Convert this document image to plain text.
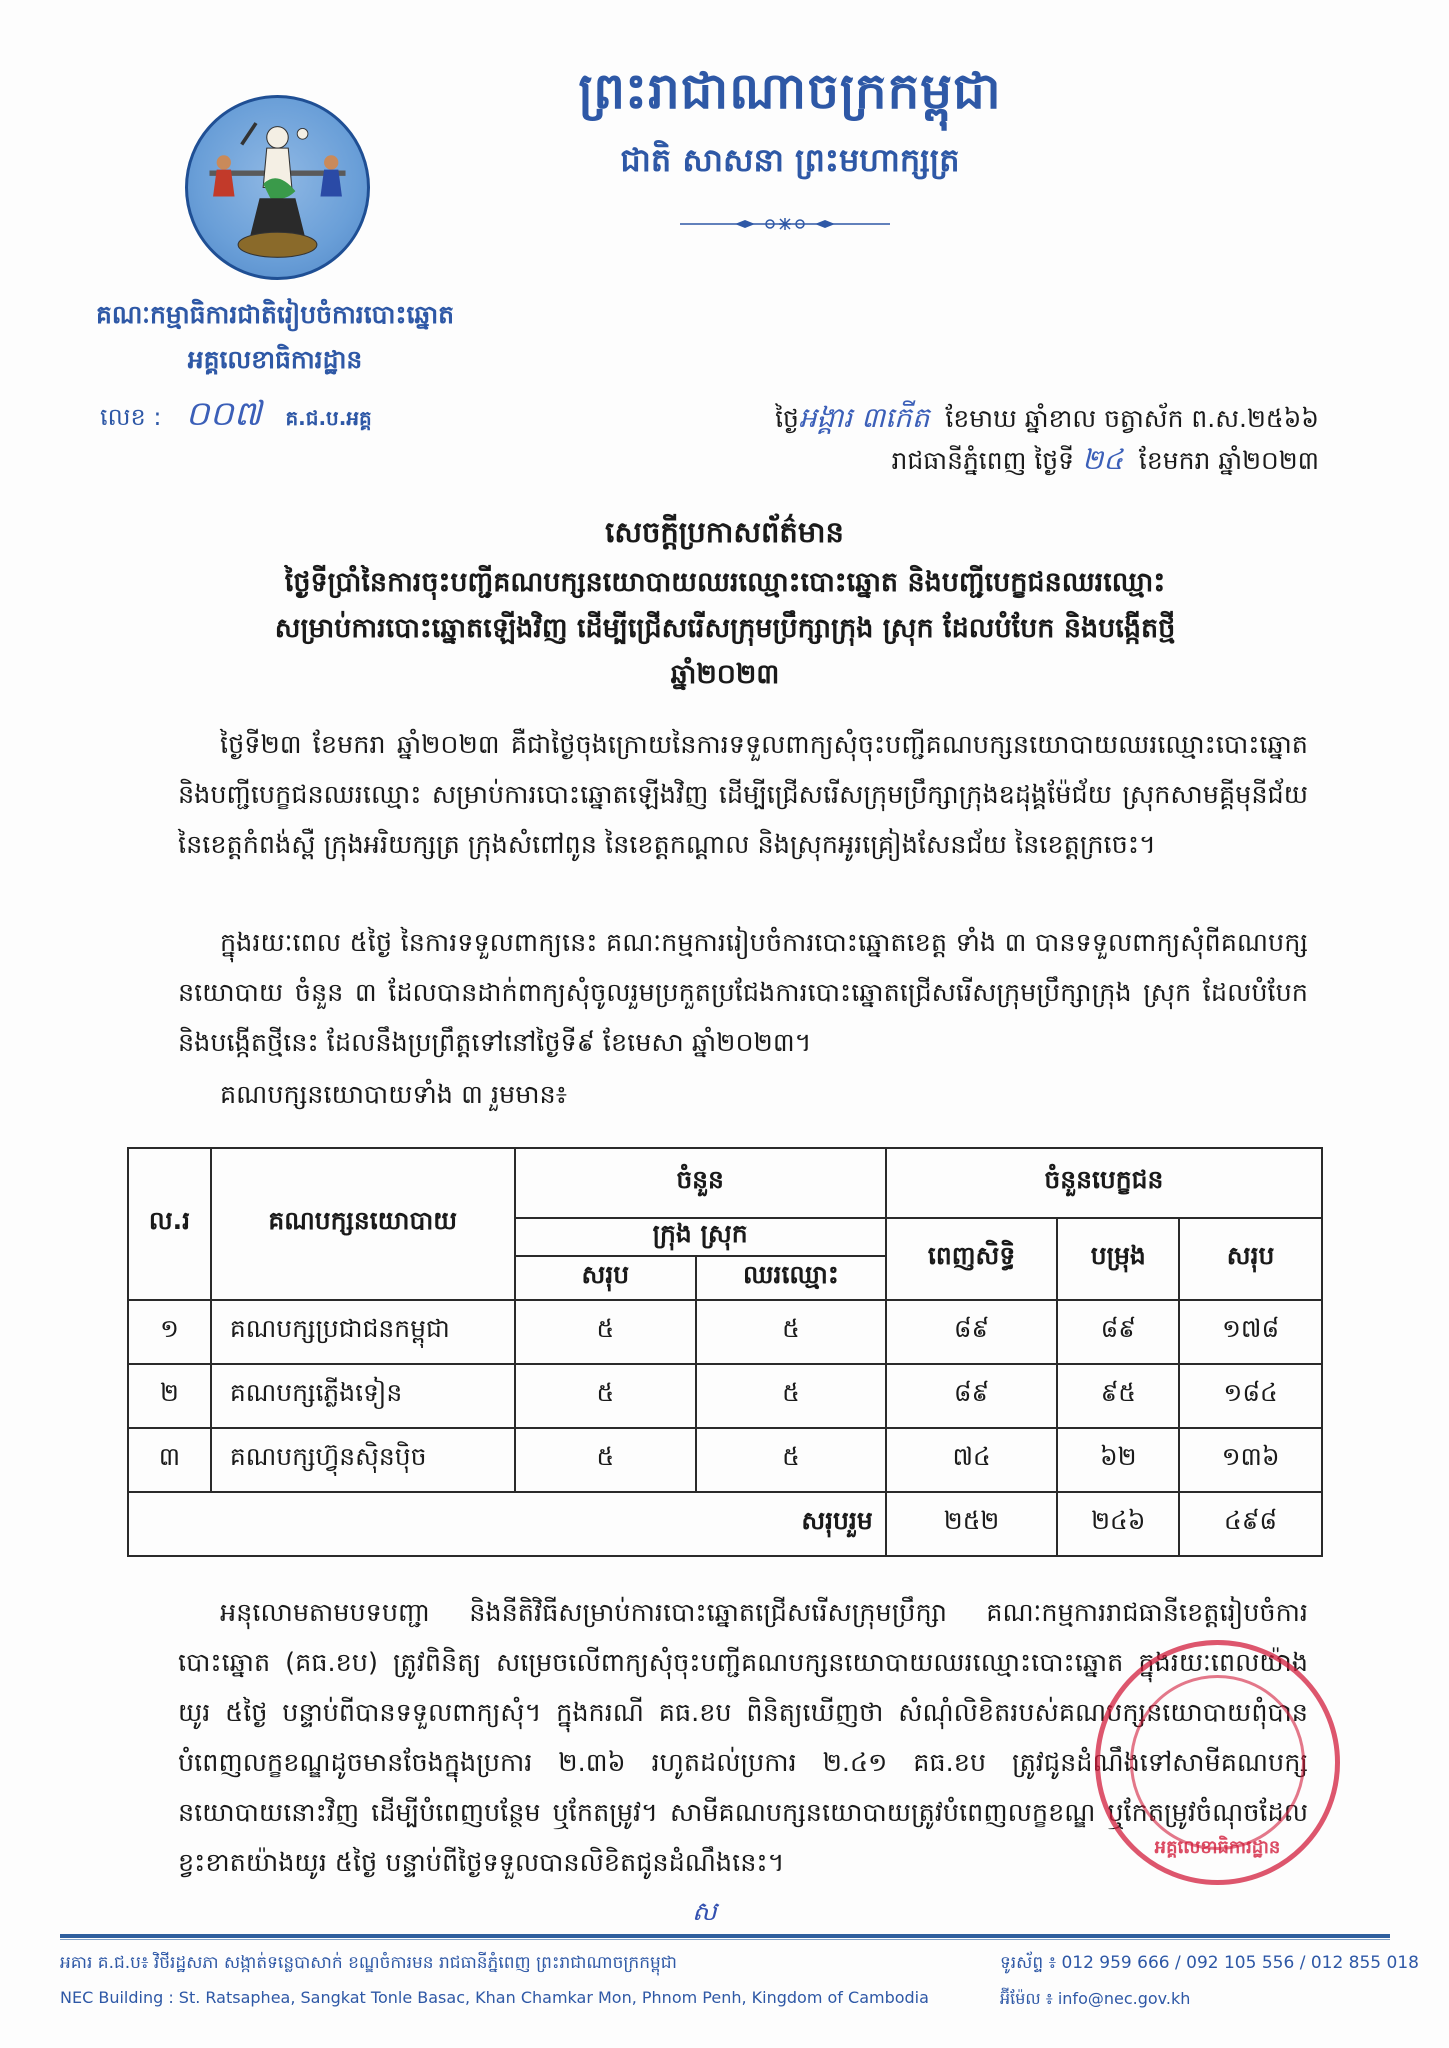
ព្រះរាជាណាចក្រកម្ពុជា
ជាតិ សាសនា ព្រះមហាក្សត្រ
គណៈកម្មាធិការជាតិរៀបចំការបោះឆ្នោត
អគ្គលេខាធិការដ្ឋាន
លេខ : ០០៧ គ.ជ.ប.អគ្គ	ថ្ងៃអង្គារ ៣កើត ខែមាឃ ឆ្នាំខាល ចត្វាស័ក ព.ស.២៥៦៦
រាជធានីភ្នំពេញ ថ្ងៃទី ២៤ ខែមករា ឆ្នាំ២០២៣
សេចក្តីប្រកាសព័ត៌មាន
ថ្ងៃទីប្រាំនៃការចុះបញ្ជីគណបក្សនយោបាយឈរឈ្មោះបោះឆ្នោត និងបញ្ជីបេក្ខជនឈរឈ្មោះ
សម្រាប់ការបោះឆ្នោតឡើងវិញ ដើម្បីជ្រើសរើសក្រុមប្រឹក្សាក្រុង ស្រុក ដែលបំបែក និងបង្កើតថ្មី
ឆ្នាំ២០២៣
ថ្ងៃទី២៣ ខែមករា ឆ្នាំ២០២៣ គឺជាថ្ងៃចុងក្រោយនៃការទទួលពាក្យសុំចុះបញ្ជីគណបក្សនយោបាយឈរឈ្មោះបោះឆ្នោត និងបញ្ជីបេក្ខជនឈរឈ្មោះ សម្រាប់ការបោះឆ្នោតឡើងវិញ ដើម្បីជ្រើសរើសក្រុមប្រឹក្សាក្រុងឧដុង្គម៉ែជ័យ ស្រុកសាមគ្គីមុនីជ័យ នៃខេត្តកំពង់ស្ពឺ ក្រុងអរិយក្សត្រ ក្រុងសំពៅពូន នៃខេត្តកណ្តាល និងស្រុកអូរគ្រៀងសែនជ័យ នៃខេត្តក្រចេះ។
ក្នុងរយៈពេល ៥ថ្ងៃ នៃការទទួលពាក្យនេះ គណៈកម្មការរៀបចំការបោះឆ្នោតខេត្ត ទាំង ៣ បានទទួលពាក្យសុំពីគណបក្សនយោបាយ ចំនួន ៣ ដែលបានដាក់ពាក្យសុំចូលរួមប្រកួតប្រជែងការបោះឆ្នោតជ្រើសរើសក្រុមប្រឹក្សាក្រុង ស្រុក ដែលបំបែក និងបង្កើតថ្មីនេះ ដែលនឹងប្រព្រឹត្តទៅនៅថ្ងៃទី៩ ខែមេសា ឆ្នាំ២០២៣។
គណបក្សនយោបាយទាំង ៣ រួមមាន៖
ល.រ	គណបក្សនយោបាយ	ចំនួន		ចំនួនបេក្ខជន		
		ក្រុង ស្រុក		ពេញសិទ្ធិ	បម្រុង	សរុប
		សរុប	ឈរឈ្មោះ			
១	គណបក្សប្រជាជនកម្ពុជា	៥	៥	៨៩	៨៩	១៧៨
២	គណបក្សភ្លើងទៀន	៥	៥	៨៩	៩៥	១៨៤
៣	គណបក្សហ៊្វុនស៊ិនប៉ិច	៥	៥	៧៤	៦២	១៣៦
សរុបរួម				២៥២	២៤៦	៤៩៨
អនុលោមតាមបទបញ្ជា និងនីតិវិធីសម្រាប់ការបោះឆ្នោតជ្រើសរើសក្រុមប្រឹក្សា គណៈកម្មការរាជធានីខេត្តរៀបចំការបោះឆ្នោត (គធ.ខប) ត្រូវពិនិត្យ សម្រេចលើពាក្យសុំចុះបញ្ជីគណបក្សនយោបាយឈរឈ្មោះបោះឆ្នោត ក្នុងរយៈពេលយ៉ាងយូរ ៥ថ្ងៃ បន្ទាប់ពីបានទទួលពាក្យសុំ។ ក្នុងករណី គធ.ខប ពិនិត្យឃើញថា សំណុំលិខិតរបស់គណបក្សនយោបាយពុំបានបំពេញលក្ខខណ្ឌដូចមានចែងក្នុងប្រការ ២.៣៦ រហូតដល់ប្រការ ២.៤១ គធ.ខប ត្រូវជូនដំណឹងទៅសាមីគណបក្សនយោបាយនោះវិញ ដើម្បីបំពេញបន្ថែម ឬកែតម្រូវ។ សាមីគណបក្សនយោបាយត្រូវបំពេញលក្ខខណ្ឌ ឬកែតម្រូវចំណុចដែលខ្វះខាតយ៉ាងយូរ ៥ថ្ងៃ បន្ទាប់ពីថ្ងៃទទួលបានលិខិតជូនដំណឹងនេះ។
អគ្គលេខាធិការដ្ឋាន
ស
អគារ គ.ជ.ប៖ វិថីរដ្ឋសភា សង្កាត់ទន្លេបាសាក់ ខណ្ឌចំការមន រាជធានីភ្នំពេញ ព្រះរាជាណាចក្រកម្ពុជា
NEC Building : St. Ratsaphea, Sangkat Tonle Basac, Khan Chamkar Mon, Phnom Penh, Kingdom of Cambodia
ទូរស័ព្ទ ៖ 012 959 666 / 092 105 556 / 012 855 018
អ៊ីម៉ែល ៖ info@nec.gov.kh
